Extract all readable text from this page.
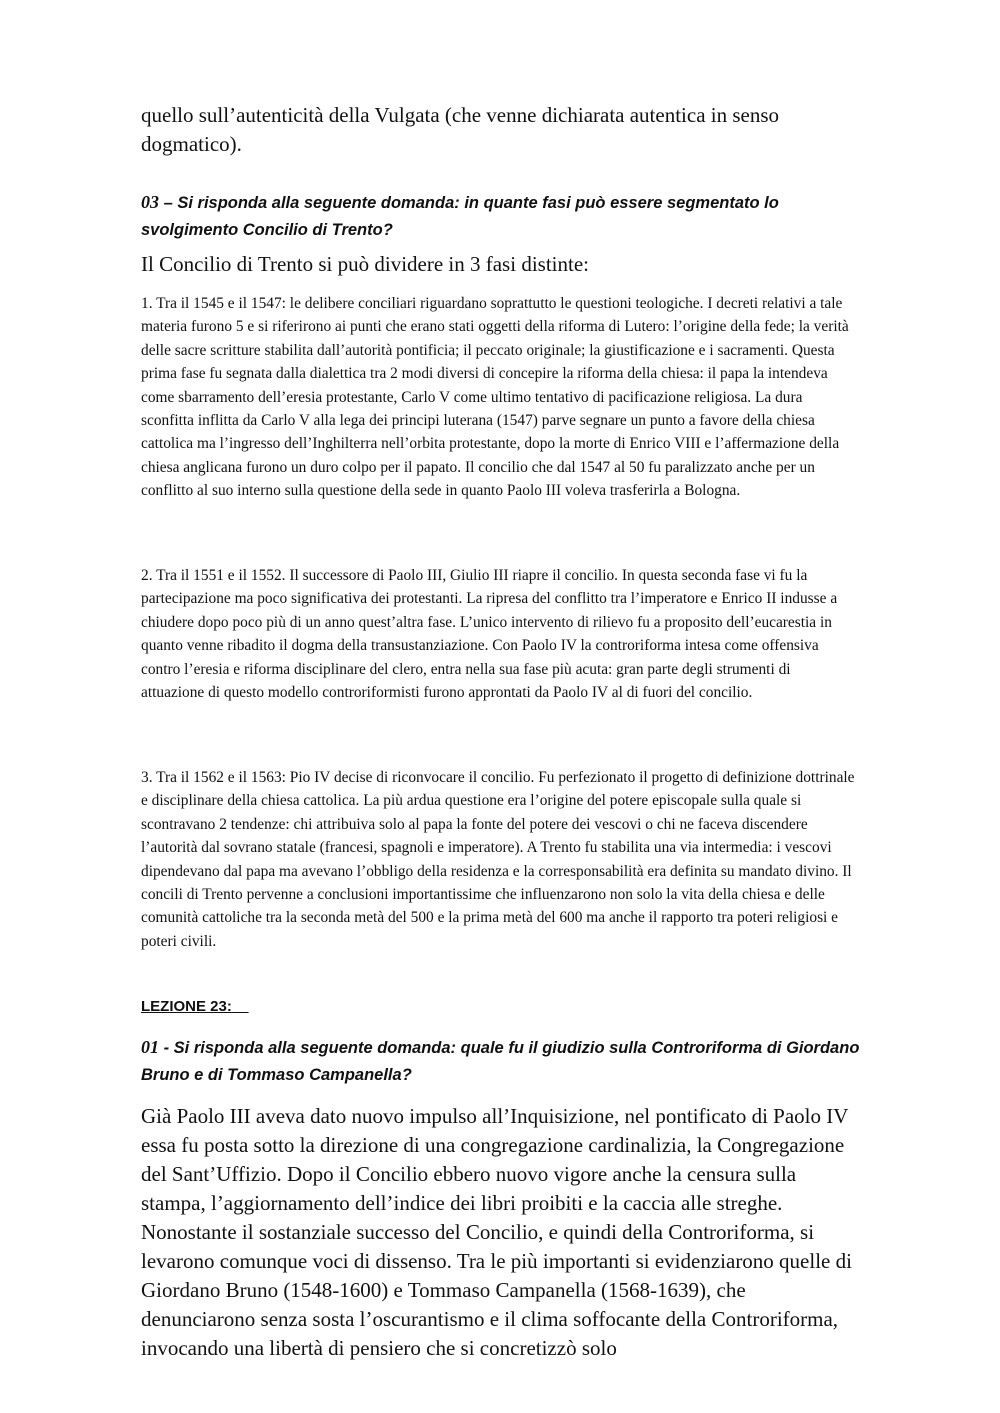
quello sull’autenticità della Vulgata (che venne dichiarata autentica in senso dogmatico).

03 – Si risponda alla seguente domanda: in quante fasi può essere segmentato lo svolgimento Concilio di Trento?

Il Concilio di Trento si può dividere in 3 fasi distinte:

1. Tra il 1545 e il 1547: le delibere conciliari riguardano soprattutto le questioni teologiche. I decreti relativi a tale materia furono 5 e si riferirono ai punti che erano stati oggetti della riforma di Lutero: l’origine della fede; la verità delle sacre scritture stabilita dall’autorità pontificia; il peccato originale; la giustificazione e i sacramenti. Questa prima fase fu segnata dalla dialettica tra 2 modi diversi di concepire la riforma della chiesa: il papa la intendeva come sbarramento dell’eresia protestante, Carlo V come ultimo tentativo di pacificazione religiosa. La dura sconfitta inflitta da Carlo V alla lega dei principi luterana (1547) parve segnare un punto a favore della chiesa cattolica ma l’ingresso dell’Inghilterra nell’orbita protestante, dopo la morte di Enrico VIII e l’affermazione della chiesa anglicana furono un duro colpo per il papato. Il concilio che dal 1547 al 50 fu paralizzato anche per un conflitto al suo interno sulla questione della sede in quanto Paolo III voleva trasferirla a Bologna.

2. Tra il 1551 e il 1552. Il successore di Paolo III, Giulio III riapre il concilio. In questa seconda fase vi fu la partecipazione ma poco significativa dei protestanti. La ripresa del conflitto tra l’imperatore e Enrico II indusse a chiudere dopo poco più di un anno quest’altra fase. L’unico intervento di rilievo fu a proposito dell’eucarestia in quanto venne ribadito il dogma della transustanziazione. Con Paolo IV la controriforma intesa come offensiva contro l’eresia e riforma disciplinare del clero, entra nella sua fase più acuta: gran parte degli strumenti di attuazione di questo modello controriformisti furono approntati da Paolo IV al di fuori del concilio.

3. Tra il 1562 e il 1563: Pio IV decise di riconvocare il concilio. Fu perfezionato il progetto di definizione dottrinale e disciplinare della chiesa cattolica. La più ardua questione era l’origine del potere episcopale sulla quale si scontravano 2 tendenze: chi attribuiva solo al papa la fonte del potere dei vescovi o chi ne faceva discendere l’autorità dal sovrano statale (francesi, spagnoli e imperatore). A Trento fu stabilita una via intermedia: i vescovi dipendevano dal papa ma avevano l’obbligo della residenza e la corresponsabilità era definita su mandato divino. Il concili di Trento pervenne a conclusioni importantissime che influenzarono non solo la vita della chiesa e delle comunità cattoliche tra la seconda metà del 500 e la prima metà del 600 ma anche il rapporto tra poteri religiosi e poteri civili.

LEZIONE 23:
01 - Si risponda alla seguente domanda: quale fu il giudizio sulla Controriforma di Giordano Bruno e di Tommaso Campanella?

Già Paolo III aveva dato nuovo impulso all’Inquisizione, nel pontificato di Paolo IV essa fu posta sotto la direzione di una congregazione cardinalizia, la Congregazione del Sant’Uffizio. Dopo il Concilio ebbero nuovo vigore anche la censura sulla stampa, l’aggiornamento dell’indice dei libri proibiti e la caccia alle streghe. Nonostante il sostanziale successo del Concilio, e quindi della Controriforma, si levarono comunque voci di dissenso. Tra le più importanti si evidenziarono quelle di Giordano Bruno (1548-1600) e Tommaso Campanella (1568-1639), che denunciarono senza sosta l’oscurantismo e il clima soffocante della Controriforma, invocando una libertà di pensiero che si concretizzò solo
